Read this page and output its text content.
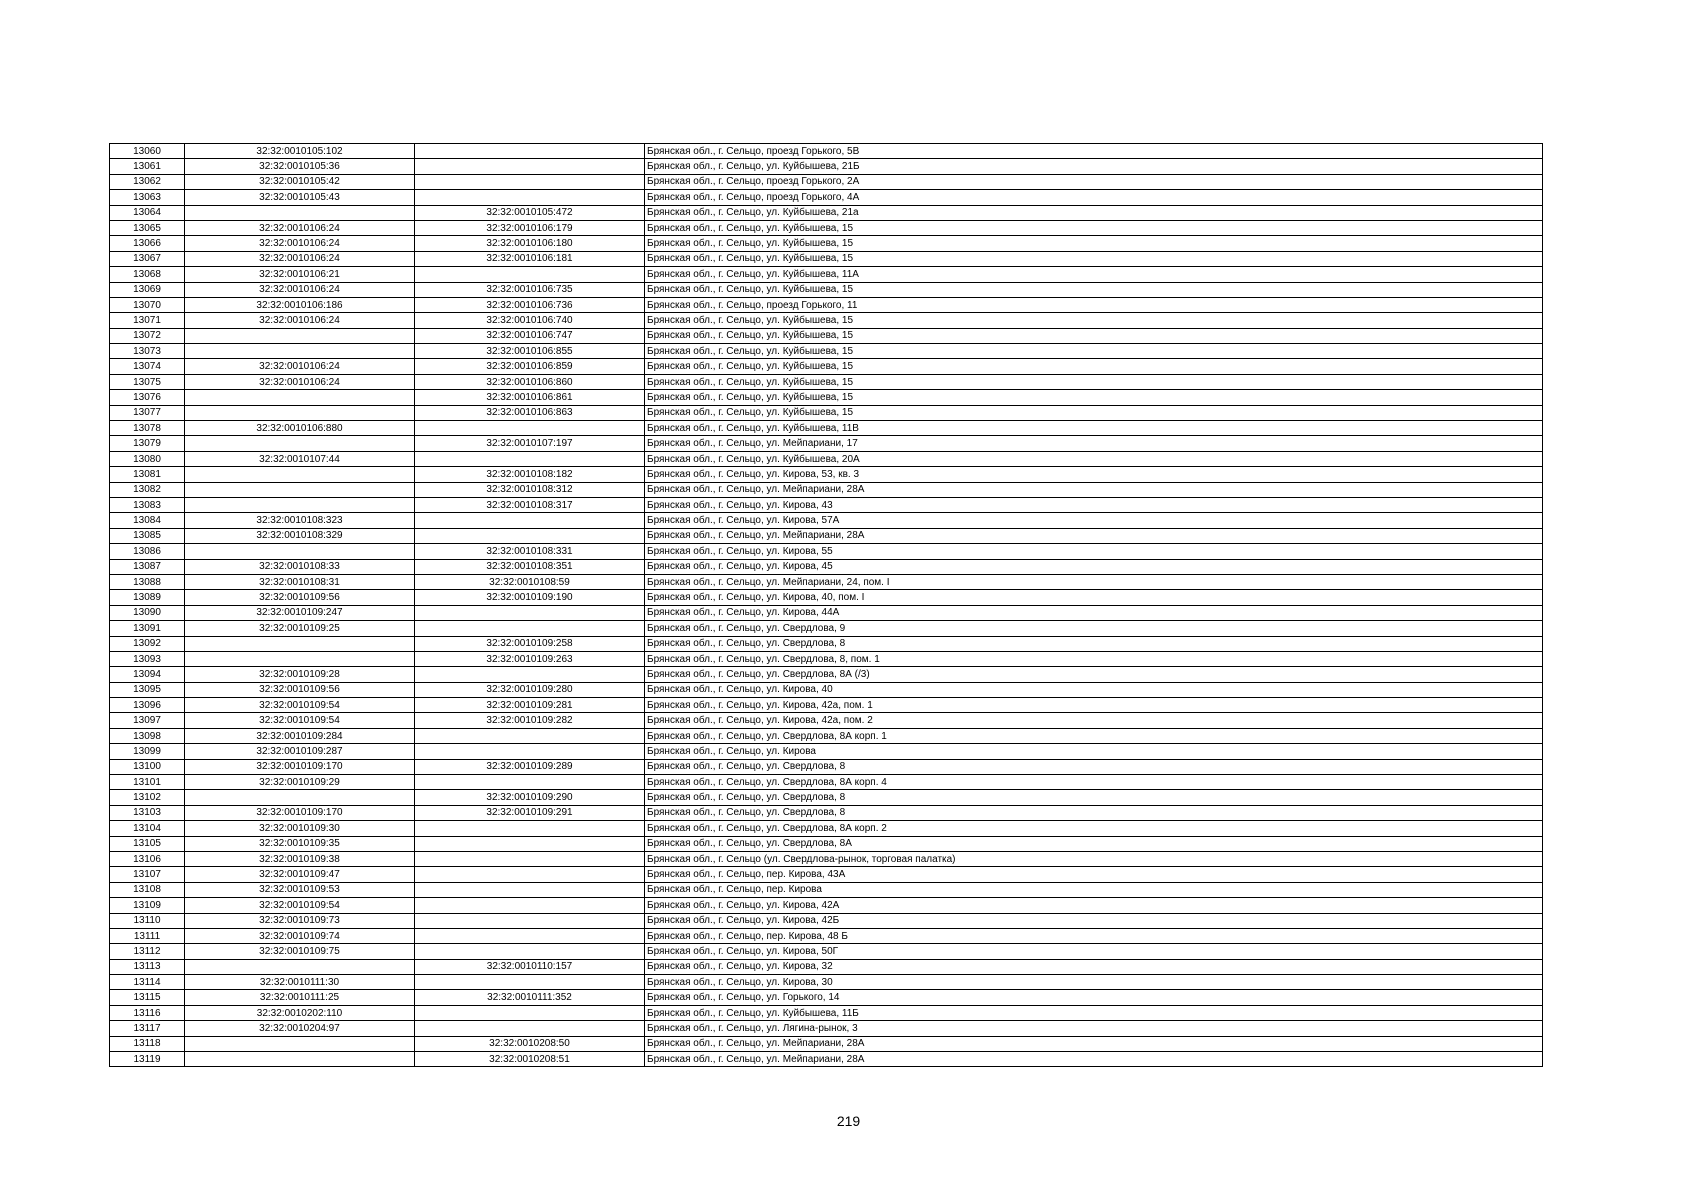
13060	32:32:0010105:102		Брянская обл., г. Сельцо, проезд Горького, 5В
13061	32:32:0010105:36		Брянская обл., г. Сельцо, ул. Куйбышева, 21Б
13062	32:32:0010105:42		Брянская обл., г. Сельцо, проезд Горького, 2А
13063	32:32:0010105:43		Брянская обл., г. Сельцо, проезд Горького, 4А
13064		32:32:0010105:472	Брянская обл., г. Сельцо, ул. Куйбышева, 21а
13065	32:32:0010106:24	32:32:0010106:179	Брянская обл., г. Сельцо, ул. Куйбышева, 15
13066	32:32:0010106:24	32:32:0010106:180	Брянская обл., г. Сельцо, ул. Куйбышева, 15
13067	32:32:0010106:24	32:32:0010106:181	Брянская обл., г. Сельцо, ул. Куйбышева, 15
13068	32:32:0010106:21		Брянская обл., г. Сельцо, ул. Куйбышева, 11А
13069	32:32:0010106:24	32:32:0010106:735	Брянская обл., г. Сельцо, ул. Куйбышева, 15
13070	32:32:0010106:186	32:32:0010106:736	Брянская обл., г. Сельцо, проезд Горького, 11
13071	32:32:0010106:24	32:32:0010106:740	Брянская обл., г. Сельцо, ул. Куйбышева, 15
13072		32:32:0010106:747	Брянская обл., г. Сельцо, ул. Куйбышева, 15
13073		32:32:0010106:855	Брянская обл., г. Сельцо, ул. Куйбышева, 15
13074	32:32:0010106:24	32:32:0010106:859	Брянская обл., г. Сельцо, ул. Куйбышева, 15
13075	32:32:0010106:24	32:32:0010106:860	Брянская обл., г. Сельцо, ул. Куйбышева, 15
13076		32:32:0010106:861	Брянская обл., г. Сельцо, ул. Куйбышева, 15
13077		32:32:0010106:863	Брянская обл., г. Сельцо, ул. Куйбышева, 15
13078	32:32:0010106:880		Брянская обл., г. Сельцо, ул. Куйбышева, 11В
13079		32:32:0010107:197	Брянская обл., г. Сельцо, ул. Мейпариани, 17
13080	32:32:0010107:44		Брянская обл., г. Сельцо, ул. Куйбышева, 20А
13081		32:32:0010108:182	Брянская обл., г. Сельцо, ул. Кирова, 53, кв. 3
13082		32:32:0010108:312	Брянская обл., г. Сельцо, ул. Мейпариани, 28А
13083		32:32:0010108:317	Брянская обл., г. Сельцо, ул. Кирова, 43
13084	32:32:0010108:323		Брянская обл., г. Сельцо, ул. Кирова, 57А
13085	32:32:0010108:329		Брянская обл., г. Сельцо, ул. Мейпариани, 28А
13086		32:32:0010108:331	Брянская обл., г. Сельцо, ул. Кирова, 55
13087	32:32:0010108:33	32:32:0010108:351	Брянская обл., г. Сельцо, ул. Кирова, 45
13088	32:32:0010108:31	32:32:0010108:59	Брянская обл., г. Сельцо, ул. Мейпариани, 24, пом. I
13089	32:32:0010109:56	32:32:0010109:190	Брянская обл., г. Сельцо, ул. Кирова, 40, пом. I
13090	32:32:0010109:247		Брянская обл., г. Сельцо, ул. Кирова, 44А
13091	32:32:0010109:25		Брянская обл., г. Сельцо, ул. Свердлова, 9
13092		32:32:0010109:258	Брянская обл., г. Сельцо, ул. Свердлова, 8
13093		32:32:0010109:263	Брянская обл., г. Сельцо, ул. Свердлова, 8, пом. 1
13094	32:32:0010109:28		Брянская обл., г. Сельцо, ул. Свердлова, 8А (/3)
13095	32:32:0010109:56	32:32:0010109:280	Брянская обл., г. Сельцо, ул. Кирова, 40
13096	32:32:0010109:54	32:32:0010109:281	Брянская обл., г. Сельцо, ул. Кирова, 42а, пом. 1
13097	32:32:0010109:54	32:32:0010109:282	Брянская обл., г. Сельцо, ул. Кирова, 42а, пом. 2
13098	32:32:0010109:284		Брянская обл., г. Сельцо, ул. Свердлова, 8А корп. 1
13099	32:32:0010109:287		Брянская обл., г. Сельцо, ул. Кирова
13100	32:32:0010109:170	32:32:0010109:289	Брянская обл., г. Сельцо, ул. Свердлова, 8
13101	32:32:0010109:29		Брянская обл., г. Сельцо, ул. Свердлова, 8А корп. 4
13102		32:32:0010109:290	Брянская обл., г. Сельцо, ул. Свердлова, 8
13103	32:32:0010109:170	32:32:0010109:291	Брянская обл., г. Сельцо, ул. Свердлова, 8
13104	32:32:0010109:30		Брянская обл., г. Сельцо, ул. Свердлова, 8А корп. 2
13105	32:32:0010109:35		Брянская обл., г. Сельцо, ул. Свердлова, 8А
13106	32:32:0010109:38		Брянская обл., г. Сельцо (ул. Свердлова-рынок, торговая палатка)
13107	32:32:0010109:47		Брянская обл., г. Сельцо, пер. Кирова, 43А
13108	32:32:0010109:53		Брянская обл., г. Сельцо, пер. Кирова
13109	32:32:0010109:54		Брянская обл., г. Сельцо, ул. Кирова, 42А
13110	32:32:0010109:73		Брянская обл., г. Сельцо, ул. Кирова, 42Б
13111	32:32:0010109:74		Брянская обл., г. Сельцо, пер. Кирова, 48 Б
13112	32:32:0010109:75		Брянская обл., г. Сельцо, ул. Кирова, 50Г
13113		32:32:0010110:157	Брянская обл., г. Сельцо, ул. Кирова, 32
13114	32:32:0010111:30		Брянская обл., г. Сельцо, ул. Кирова, 30
13115	32:32:0010111:25	32:32:0010111:352	Брянская обл., г. Сельцо, ул. Горького, 14
13116	32:32:0010202:110		Брянская обл., г. Сельцо, ул. Куйбышева, 11Б
13117	32:32:0010204:97		Брянская обл., г. Сельцо, ул. Лягина-рынок, 3
13118		32:32:0010208:50	Брянская обл., г. Сельцо, ул. Мейпариани, 28А
13119		32:32:0010208:51	Брянская обл., г. Сельцо, ул. Мейпариани, 28А
219
